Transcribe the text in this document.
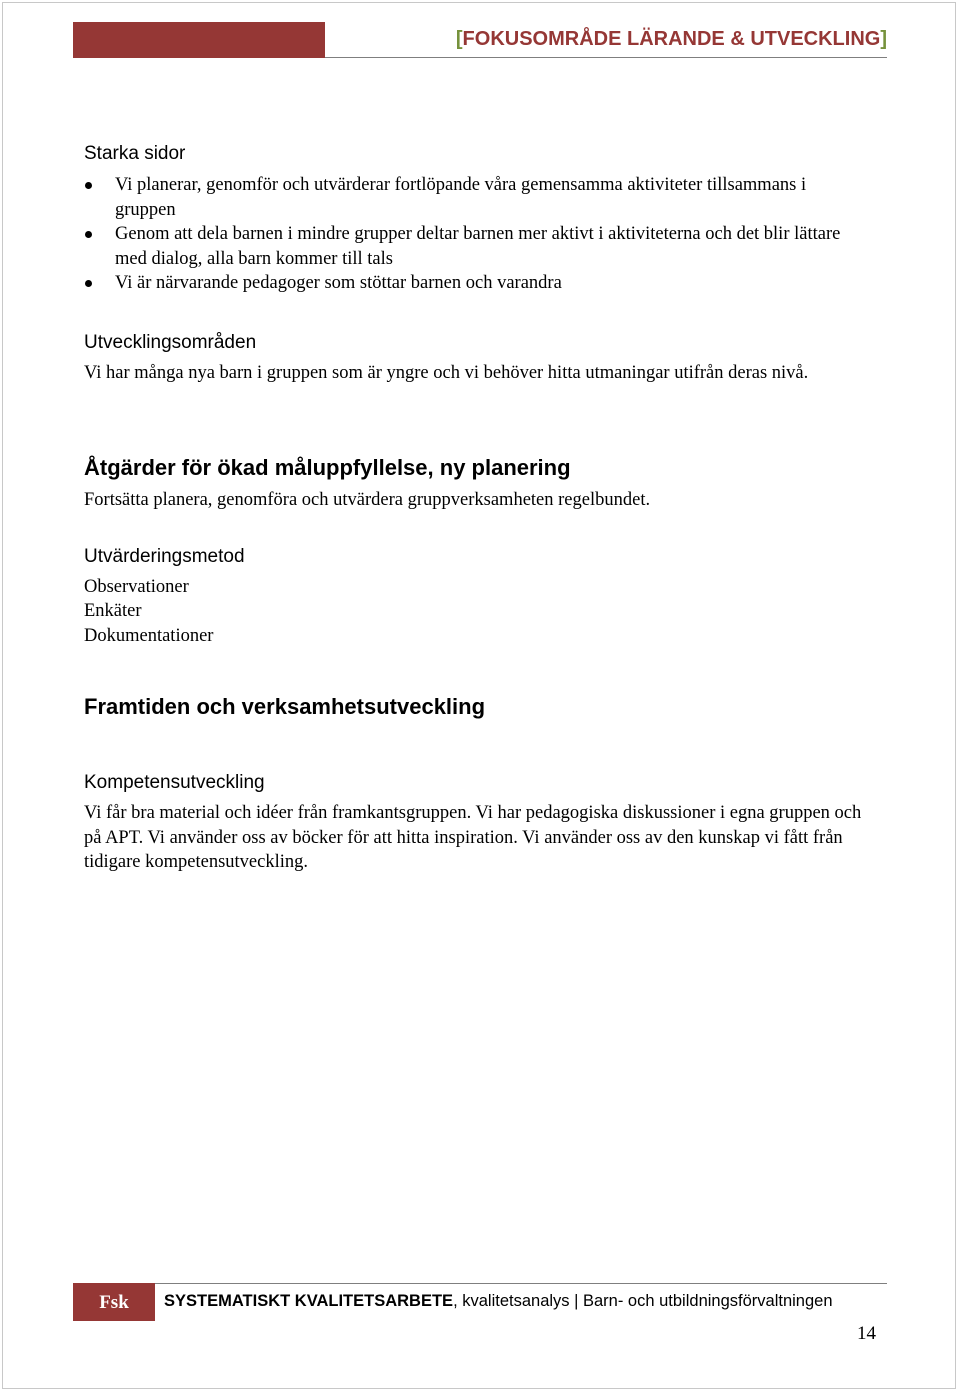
[FOKUSOMRÅDE LÄRANDE & UTVECKLING]
Starka sidor
Vi planerar, genomför och utvärderar fortlöpande våra gemensamma aktiviteter tillsammans i gruppen
Genom att dela barnen i mindre grupper deltar barnen mer aktivt i aktiviteterna och det blir lättare med dialog, alla barn kommer till tals
Vi är närvarande pedagoger som stöttar barnen och varandra
Utvecklingsområden
Vi har många nya barn i gruppen som är yngre och vi behöver hitta utmaningar utifrån deras nivå.
Åtgärder för ökad måluppfyllelse, ny planering
Fortsätta planera, genomföra och utvärdera gruppverksamheten regelbundet.
Utvärderingsmetod
Observationer
Enkäter
Dokumentationer
Framtiden och verksamhetsutveckling
Kompetensutveckling
Vi får bra material och idéer från framkantsgruppen. Vi har pedagogiska diskussioner i egna gruppen och på APT. Vi använder oss av böcker för att hitta inspiration. Vi använder oss av den kunskap vi fått från tidigare kompetensutveckling.
Fsk	SYSTEMATISKT KVALITETSARBETE, kvalitetsanalys | Barn- och utbildningsförvaltningen
14
